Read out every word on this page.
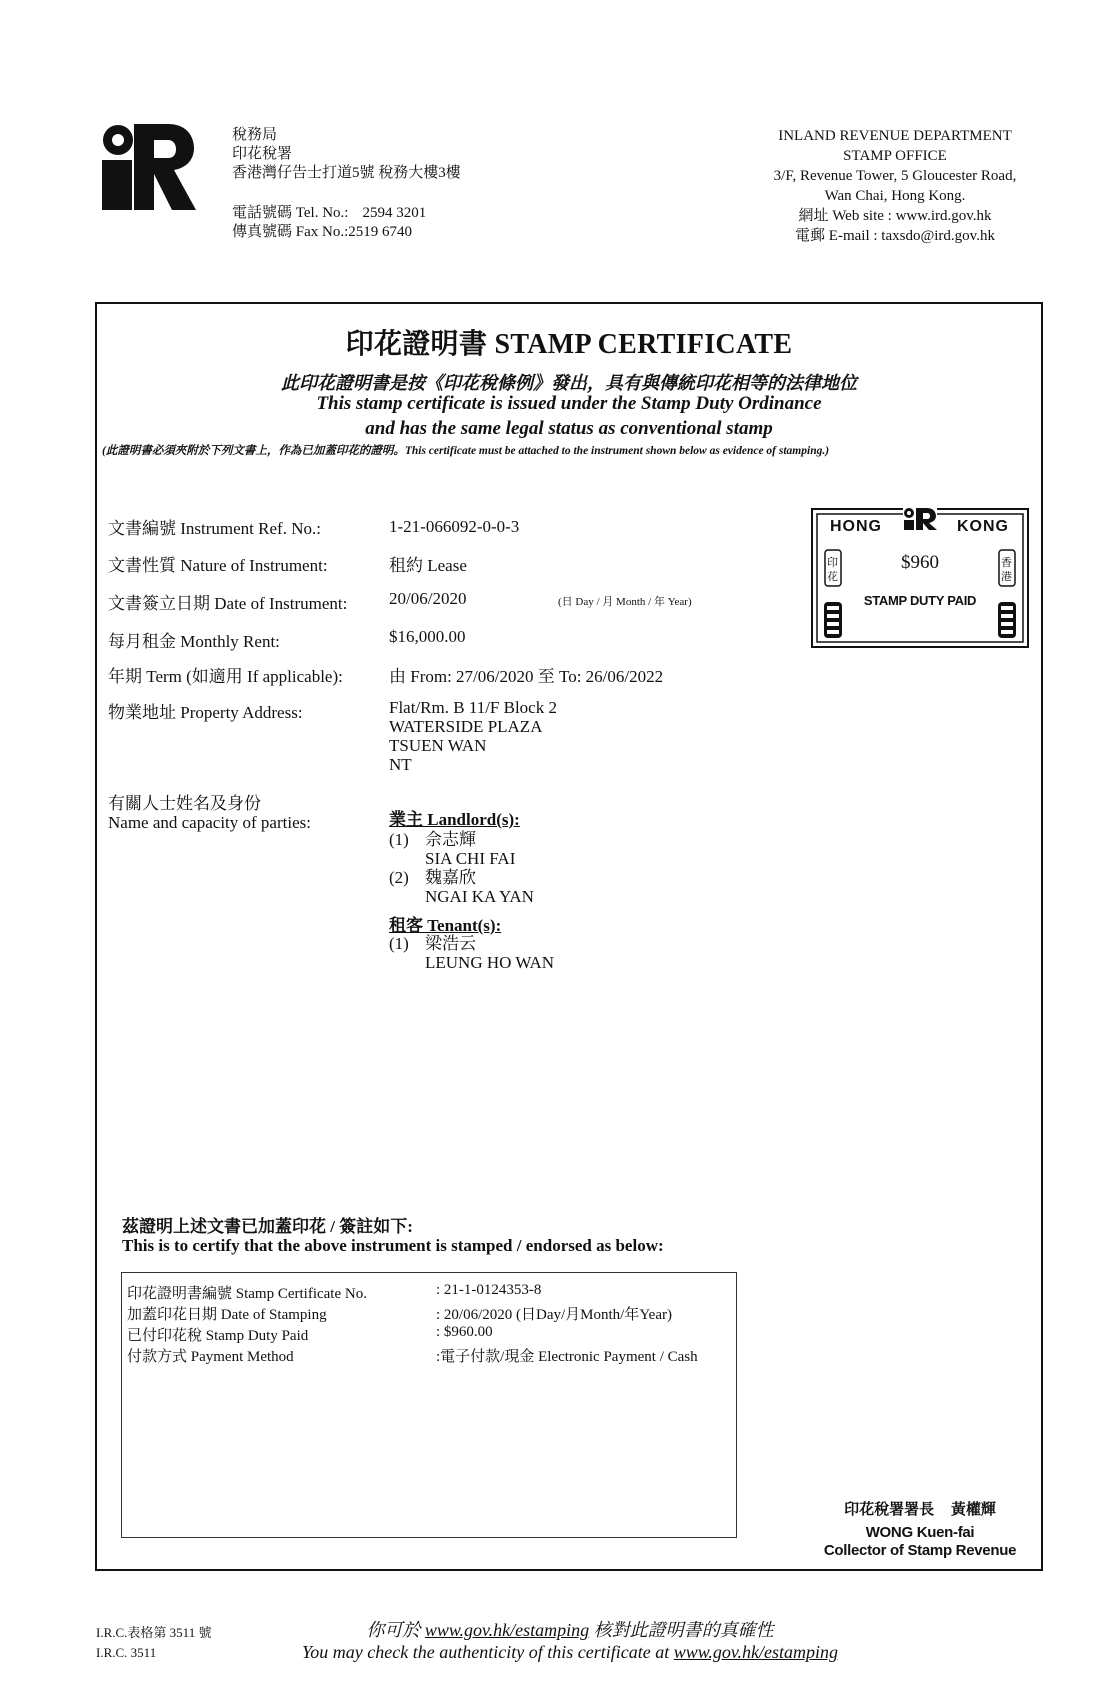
稅務局
印花稅署
香港灣仔告士打道5號 稅務大樓3樓
電話號碼 Tel. No.: 2594 3201
傳真號碼 Fax No.:2519 6740
INLAND REVENUE DEPARTMENT
STAMP OFFICE
3/F, Revenue Tower, 5 Gloucester Road,
Wan Chai, Hong Kong.
網址 Web site : www.ird.gov.hk
電郵 E-mail : taxsdo@ird.gov.hk
印花證明書 STAMP CERTIFICATE
此印花證明書是按《印花稅條例》發出，具有與傳統印花相等的法律地位
This stamp certificate is issued under the Stamp Duty Ordinance
and has the same legal status as conventional stamp
(此證明書必須夾附於下列文書上，作為已加蓋印花的證明。This certificate must be attached to the instrument shown below as evidence of stamping.)
文書編號 Instrument Ref. No.:	1-21-066092-0-0-3
文書性質 Nature of Instrument:	租約 Lease
文書簽立日期 Date of Instrument: 20/06/2020	(日 Day / 月 Month / 年 Year)
每月租金 Monthly Rent:	$16,000.00
年期 Term (如適用 If applicable):	由 From: 27/06/2020 至 To: 26/06/2022
物業地址 Property Address:	Flat/Rm. B 11/F Block 2
WATERSIDE PLAZA
TSUEN WAN
NT
有關人士姓名及身份
Name and capacity of parties:	業主 Landlord(s):
(1) 佘志輝
SIA CHI FAI
(2) 魏嘉欣
NGAI KA YAN
租客 Tenant(s):
(1) 梁浩云
LEUNG HO WAN
HONG	KONG
印花
香港
$960
STAMP DUTY PAID
茲證明上述文書已加蓋印花 / 簽註如下:
This is to certify that the above instrument is stamped / endorsed as below:
印花證明書編號 Stamp Certificate No.	: 21-1-0124353-8
加蓋印花日期 Date of Stamping	: 20/06/2020 (日Day/月Month/年Year)
已付印花稅 Stamp Duty Paid	: $960.00
付款方式 Payment Method	:電子付款/現金 Electronic Payment / Cash
印花稅署署長    黃權輝
WONG Kuen-fai
Collector of Stamp Revenue
I.R.C.表格第 3511 號
I.R.C. 3511
你可於 www.gov.hk/estamping 核對此證明書的真確性
You may check the authenticity of this certificate at www.gov.hk/estamping
